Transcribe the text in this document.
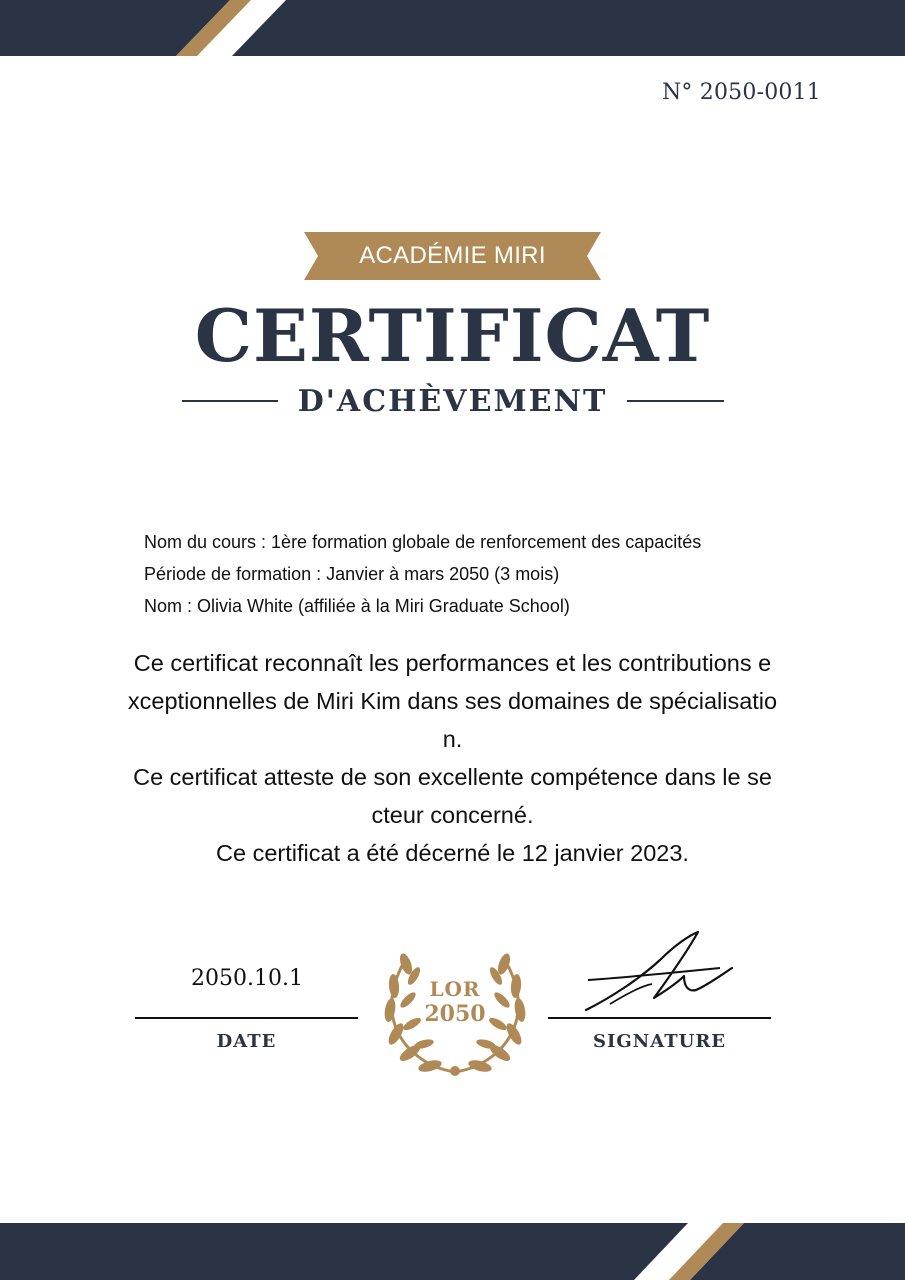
N° 2050-0011
ACADÉMIE MIRI
CERTIFICAT
D'ACHÈVEMENT
Nom du cours : 1ère formation globale de renforcement des capacités
Période de formation : Janvier à mars 2050 (3 mois)
Nom : Olivia White (affiliée à la Miri Graduate School)
Ce certificat reconnaît les performances et les contributions e
xceptionnelles de Miri Kim dans ses domaines de spécialisatio
n.
Ce certificat atteste de son excellente compétence dans le se
cteur concerné.
Ce certificat a été décerné le 12 janvier 2023.
2050.10.1
DATE
LOR
2050
SIGNATURE
